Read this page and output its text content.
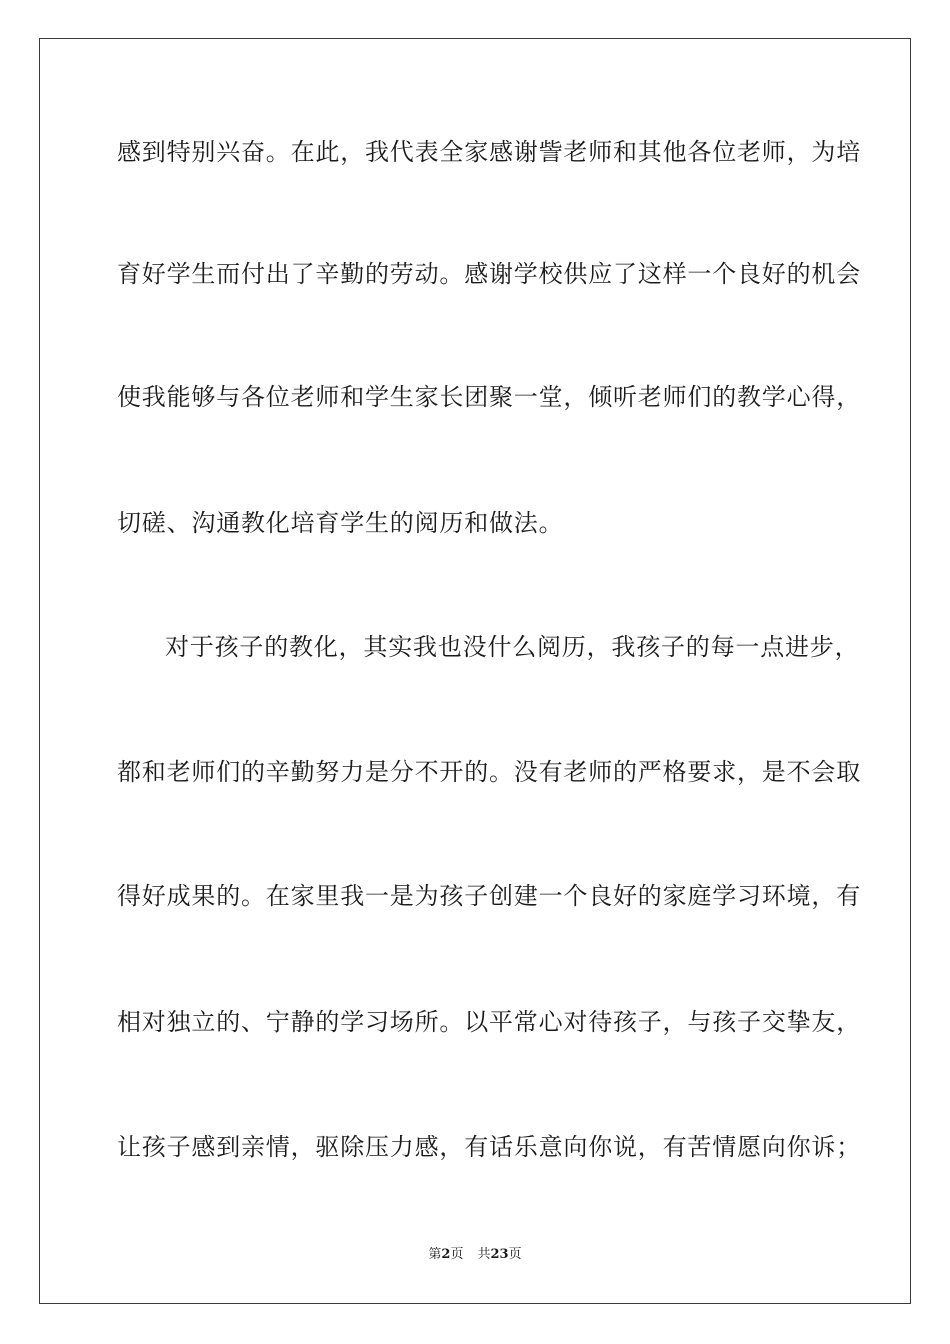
感到特别兴奋。在此，我代表全家感谢訾老师和其他各位老师，为培
育好学生而付出了辛勤的劳动。感谢学校供应了这样一个良好的机会
使我能够与各位老师和学生家长团聚一堂，倾听老师们的教学心得，
切磋、沟通教化培育学生的阅历和做法。
对于孩子的教化，其实我也没什么阅历，我孩子的每一点进步，
都和老师们的辛勤努力是分不开的。没有老师的严格要求，是不会取
得好成果的。在家里我一是为孩子创建一个良好的家庭学习环境，有
相对独立的、宁静的学习场所。以平常心对待孩子，与孩子交挚友，
让孩子感到亲情，驱除压力感，有话乐意向你说，有苦情愿向你诉；
第2页 共23页
